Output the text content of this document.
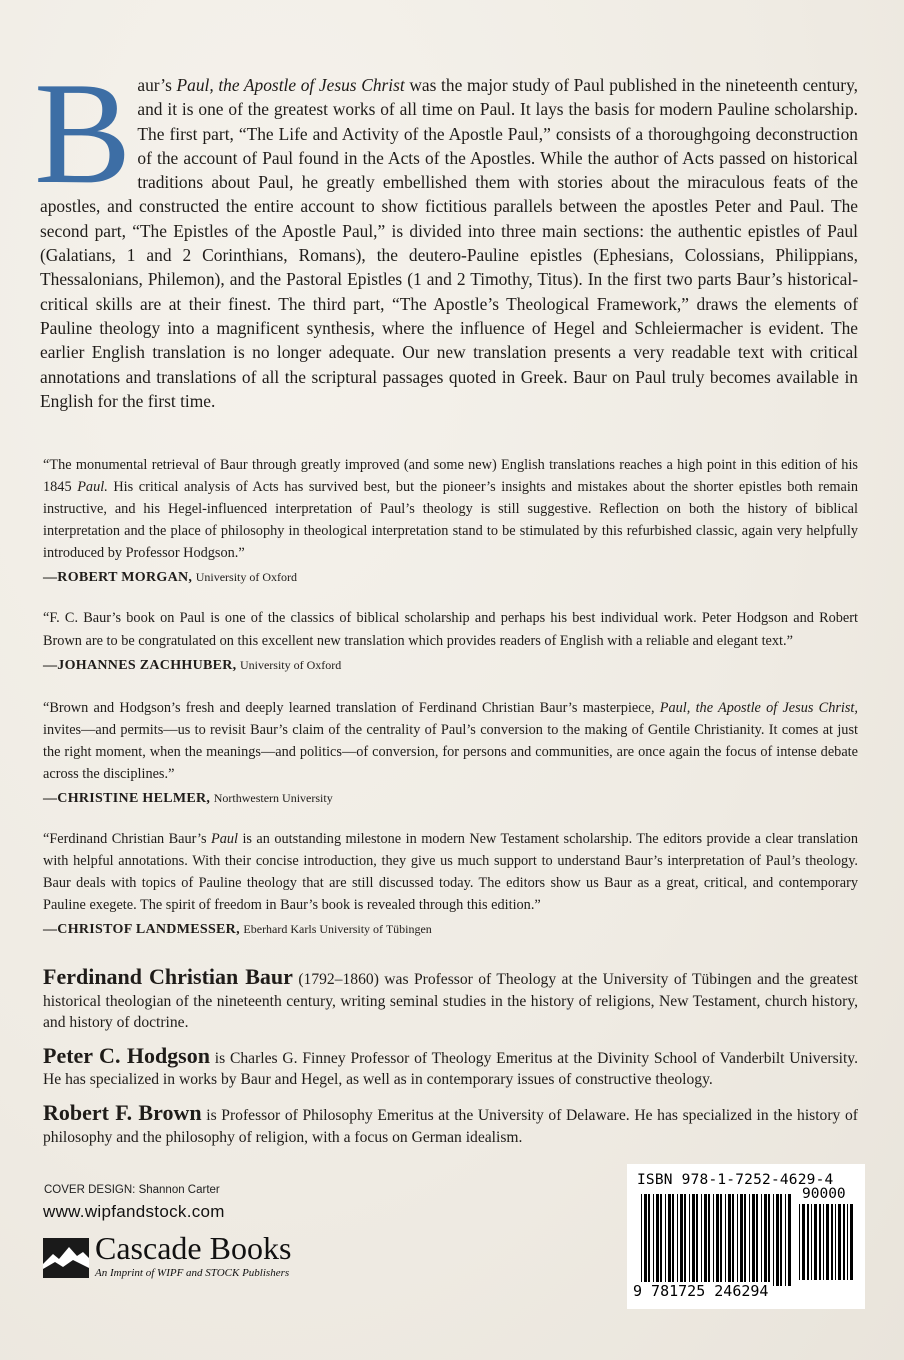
Baur’s Paul, the Apostle of Jesus Christ was the major study of Paul published in the nineteenth century, and it is one of the greatest works of all time on Paul. It lays the basis for modern Pauline scholarship. The first part, “The Life and Activity of the Apostle Paul,” consists of a thoroughgoing deconstruction of the account of Paul found in the Acts of the Apostles. While the author of Acts passed on historical traditions about Paul, he greatly embellished them with stories about the miraculous feats of the apostles, and constructed the entire account to show fictitious parallels between the apostles Peter and Paul. The second part, “The Epistles of the Apostle Paul,” is divided into three main sections: the authentic epistles of Paul (Galatians, 1 and 2 Corinthians, Romans), the deutero-Pauline epistles (Ephesians, Colossians, Philippians, Thessalonians, Philemon), and the Pastoral Epistles (1 and 2 Timothy, Titus). In the first two parts Baur’s historical-critical skills are at their finest. The third part, “The Apostle’s Theological Framework,” draws the elements of Pauline theology into a magnificent synthesis, where the influence of Hegel and Schleiermacher is evident. The earlier English translation is no longer adequate. Our new translation presents a very readable text with critical annotations and translations of all the scriptural passages quoted in Greek. Baur on Paul truly becomes available in English for the first time.

“The monumental retrieval of Baur through greatly improved (and some new) English translations reaches a high point in this edition of his 1845 Paul. His critical analysis of Acts has survived best, but the pioneer’s insights and mistakes about the shorter epistles both remain instructive, and his Hegel-influenced interpretation of Paul’s theology is still suggestive. Reflection on both the history of biblical interpretation and the place of philosophy in theological interpretation stand to be stimulated by this refurbished classic, again very helpfully introduced by Professor Hodgson.”

—ROBERT MORGAN, University of Oxford

“F. C. Baur’s book on Paul is one of the classics of biblical scholarship and perhaps his best individual work. Peter Hodgson and Robert Brown are to be congratulated on this excellent new translation which provides readers of English with a reliable and elegant text.”

—JOHANNES ZACHHUBER, University of Oxford

“Brown and Hodgson’s fresh and deeply learned translation of Ferdinand Christian Baur’s masterpiece, Paul, the Apostle of Jesus Christ, invites—and permits—us to revisit Baur’s claim of the centrality of Paul’s conversion to the making of Gentile Christianity. It comes at just the right moment, when the meanings—and politics—of conversion, for persons and communities, are once again the focus of intense debate across the disciplines.”

—CHRISTINE HELMER, Northwestern University

“Ferdinand Christian Baur’s Paul is an outstanding milestone in modern New Testament scholarship. The editors provide a clear translation with helpful annotations. With their concise introduction, they give us much support to understand Baur’s interpretation of Paul’s theology. Baur deals with topics of Pauline theology that are still discussed today. The editors show us Baur as a great, critical, and contemporary Pauline exegete. The spirit of freedom in Baur’s book is revealed through this edition.”

—CHRISTOF LANDMESSER, Eberhard Karls University of Tübingen

Ferdinand Christian Baur (1792–1860) was Professor of Theology at the University of Tübingen and the greatest historical theologian of the nineteenth century, writing seminal studies in the history of religions, New Testament, church history, and history of doctrine.

Peter C. Hodgson is Charles G. Finney Professor of Theology Emeritus at the Divinity School of Vanderbilt University. He has specialized in works by Baur and Hegel, as well as in contemporary issues of constructive theology.

Robert F. Brown is Professor of Philosophy Emeritus at the University of Delaware. He has specialized in the history of philosophy and the philosophy of religion, with a focus on German idealism.

COVER DESIGN: Shannon Carter
www.wipfandstock.com
Cascade Books
An Imprint of WIPF and STOCK Publishers
ISBN 978-1-7252-4629-4
90000
9 781725 246294
